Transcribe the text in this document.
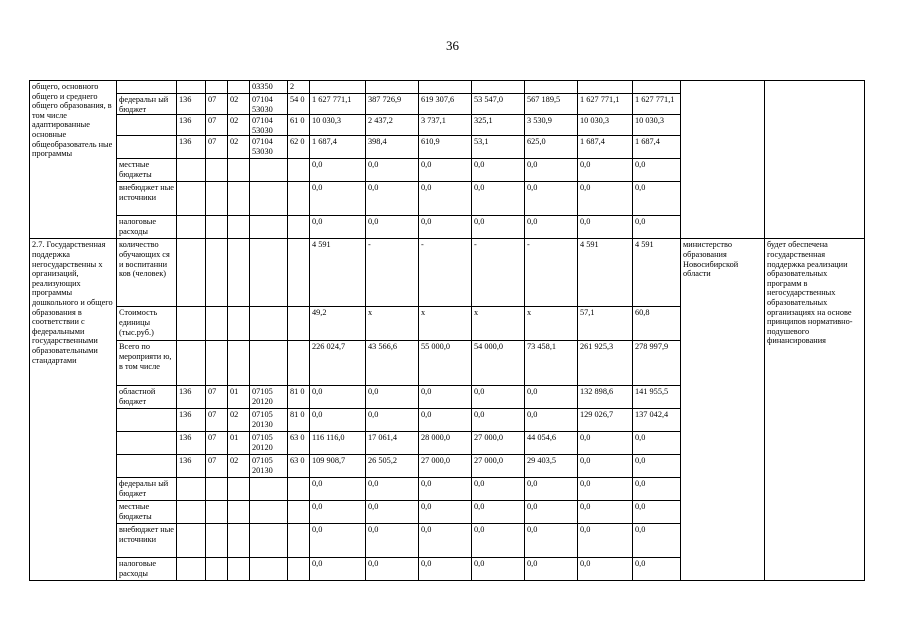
36
общего, основного общего и среднего общего образования, в том числе адаптированные основные общеобразователь ные программы					03350	2									
	федеральн ый бюджет	136	07	02	07104 53030	54 0	1 627 771,1	387 726,9	619 307,6	53 547,0	567 189,5	1 627 771,1	1 627 771,1		
		136	07	02	07104 53030	61 0	10 030,3	2 437,2	3 737,1	325,1	3 530,9	10 030,3	10 030,3		
		136	07	02	07104 53030	62 0	1 687,4	398,4	610,9	53,1	625,0	1 687,4	1 687,4		
	местные бюджеты						0,0	0,0	0,0	0,0	0,0	0,0	0,0		
	внебюджет ные источники						0,0	0,0	0,0	0,0	0,0	0,0	0,0		
	налоговые расходы						0,0	0,0	0,0	0,0	0,0	0,0	0,0		
2.7. Государственная поддержка негосударственны х организаций, реализующих программы дошкольного и общего образования в соответствии с федеральными государственными образовательными стандартами	количество обучающих ся и воспитанни ков (человек)						4 591	-	-	-	-	4 591	4 591	министерство образования Новосибирской области	будет обеспечена государственная поддержка реализации образовательных программ в негосударственных образовательных организациях на основе принципов нормативно-подушевого финансирования
	Стоимость единицы (тыс.руб.)						49,2	x	x	x	x	57,1	60,8		
	Всего по мероприяти ю, в том числе						226 024,7	43 566,6	55 000,0	54 000,0	73 458,1	261 925,3	278 997,9		
	областной бюджет	136	07	01	07105 20120	81 0	0,0	0,0	0,0	0,0	0,0	132 898,6	141 955,5		
		136	07	02	07105 20130	81 0	0,0	0,0	0,0	0,0	0,0	129 026,7	137 042,4		
		136	07	01	07105 20120	63 0	116 116,0	17 061,4	28 000,0	27 000,0	44 054,6	0,0	0,0		
		136	07	02	07105 20130	63 0	109 908,7	26 505,2	27 000,0	27 000,0	29 403,5	0,0	0,0		
	федеральн ый бюджет						0,0	0,0	0,0	0,0	0,0	0,0	0,0		
	местные бюджеты						0,0	0,0	0,0	0,0	0,0	0,0	0,0		
	внебюджет ные источники						0,0	0,0	0,0	0,0	0,0	0,0	0,0		
	налоговые расходы						0,0	0,0	0,0	0,0	0,0	0,0	0,0		
